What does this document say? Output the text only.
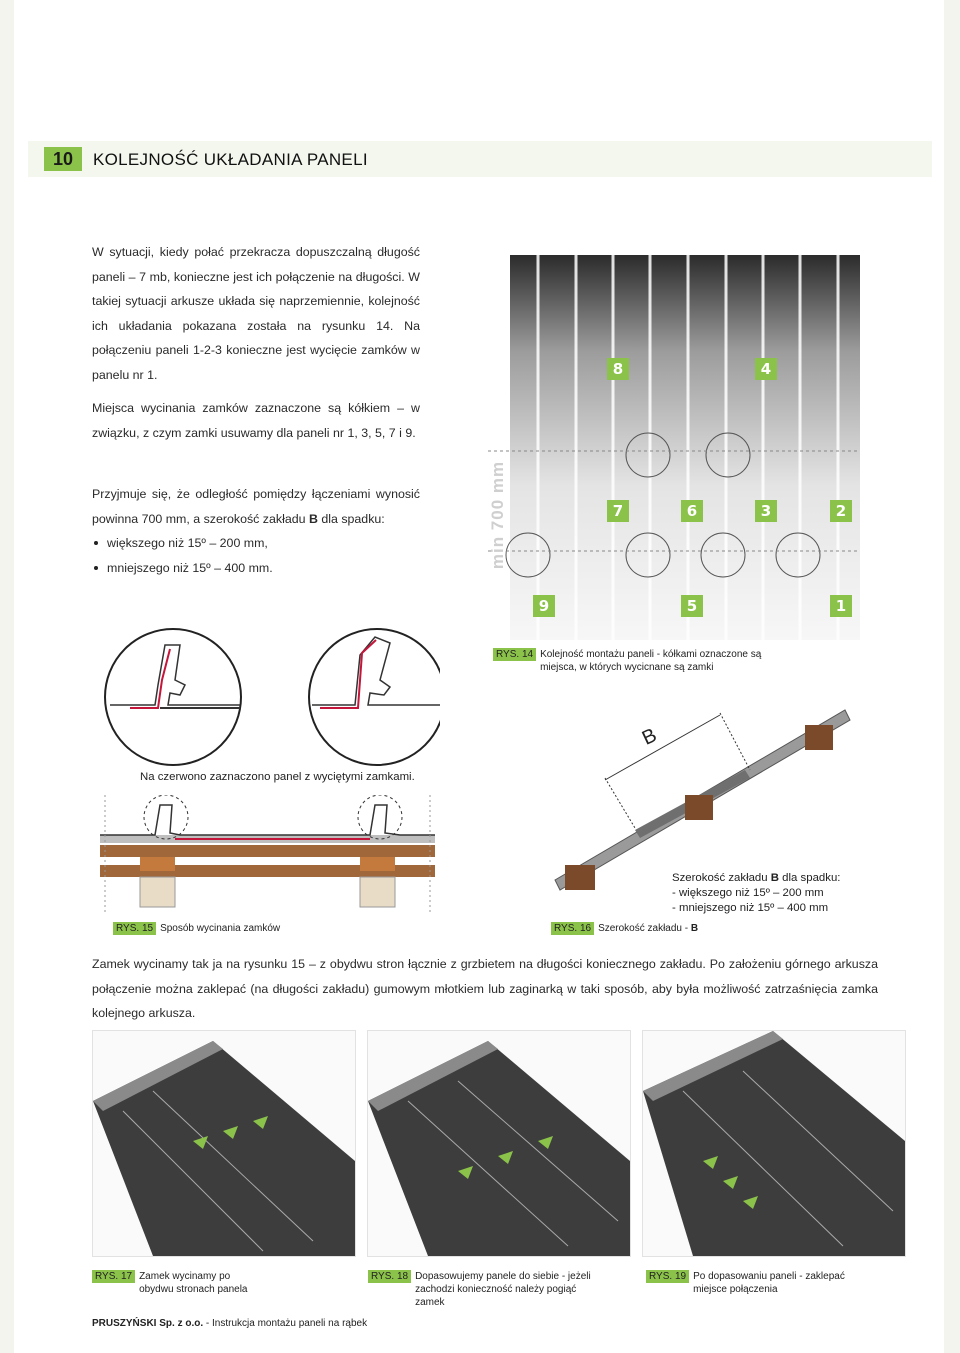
10	KOLEJNOŚĆ UKŁADANIA PANELI
W sytuacji, kiedy połać przekracza dopuszczalną długość paneli – 7 mb, konieczne jest ich połączenie na długości. W takiej sytuacji arkusze układa się naprzemiennie, kolejność ich układania pokazana została na rysunku 14. Na połączeniu paneli 1-2-3 konieczne jest wycięcie zamków w panelu nr 1.
Miejsca wycinania zamków zaznaczone są kółkiem – w związku, z czym zamki usuwamy dla paneli nr 1, 3, 5, 7 i 9.
Przyjmuje się, że odległość pomiędzy łączeniami wynosić powinna 700 mm, a szerokość zakładu B dla spadku:
większego niż 15º – 200 mm,
mniejszego niż 15º – 400 mm.	min 700 mm
8	4
7	6	3	2
9	5	1
RYS. 14 Kolejność montażu paneli - kółkami oznaczone są miejsca, w których wycicnane są zamki
Na czerwono zaznaczono panel z wyciętymi zamkami.
RYS. 15 Sposób wycinania zamków
B
Szerokość zakładu B dla spadku:
- większego niż 15º – 200 mm
- mniejszego niż 15º – 400 mm
RYS. 16 Szerokość zakładu - B
Zamek wycinamy tak ja na rysunku 15 – z obydwu stron łącznie z grzbietem na długości koniecznego zakładu. Po założeniu górnego arkusza połączenie można zaklepać (na długości zakładu) gumowym młotkiem lub zaginarką w taki sposób, aby była możliwość zatrzaśnięcia zamka kolejnego arkusza.
RYS. 17 Zamek wycinamy po obydwu stronach panela
RYS. 18 Dopasowujemy panele do siebie - jeżeli zachodzi konieczność należy pogiąć zamek
RYS. 19 Po dopasowaniu paneli - zaklepać miejsce połączenia
PRUSZYŃSKI Sp. z o.o. - Instrukcja montażu paneli na rąbek
